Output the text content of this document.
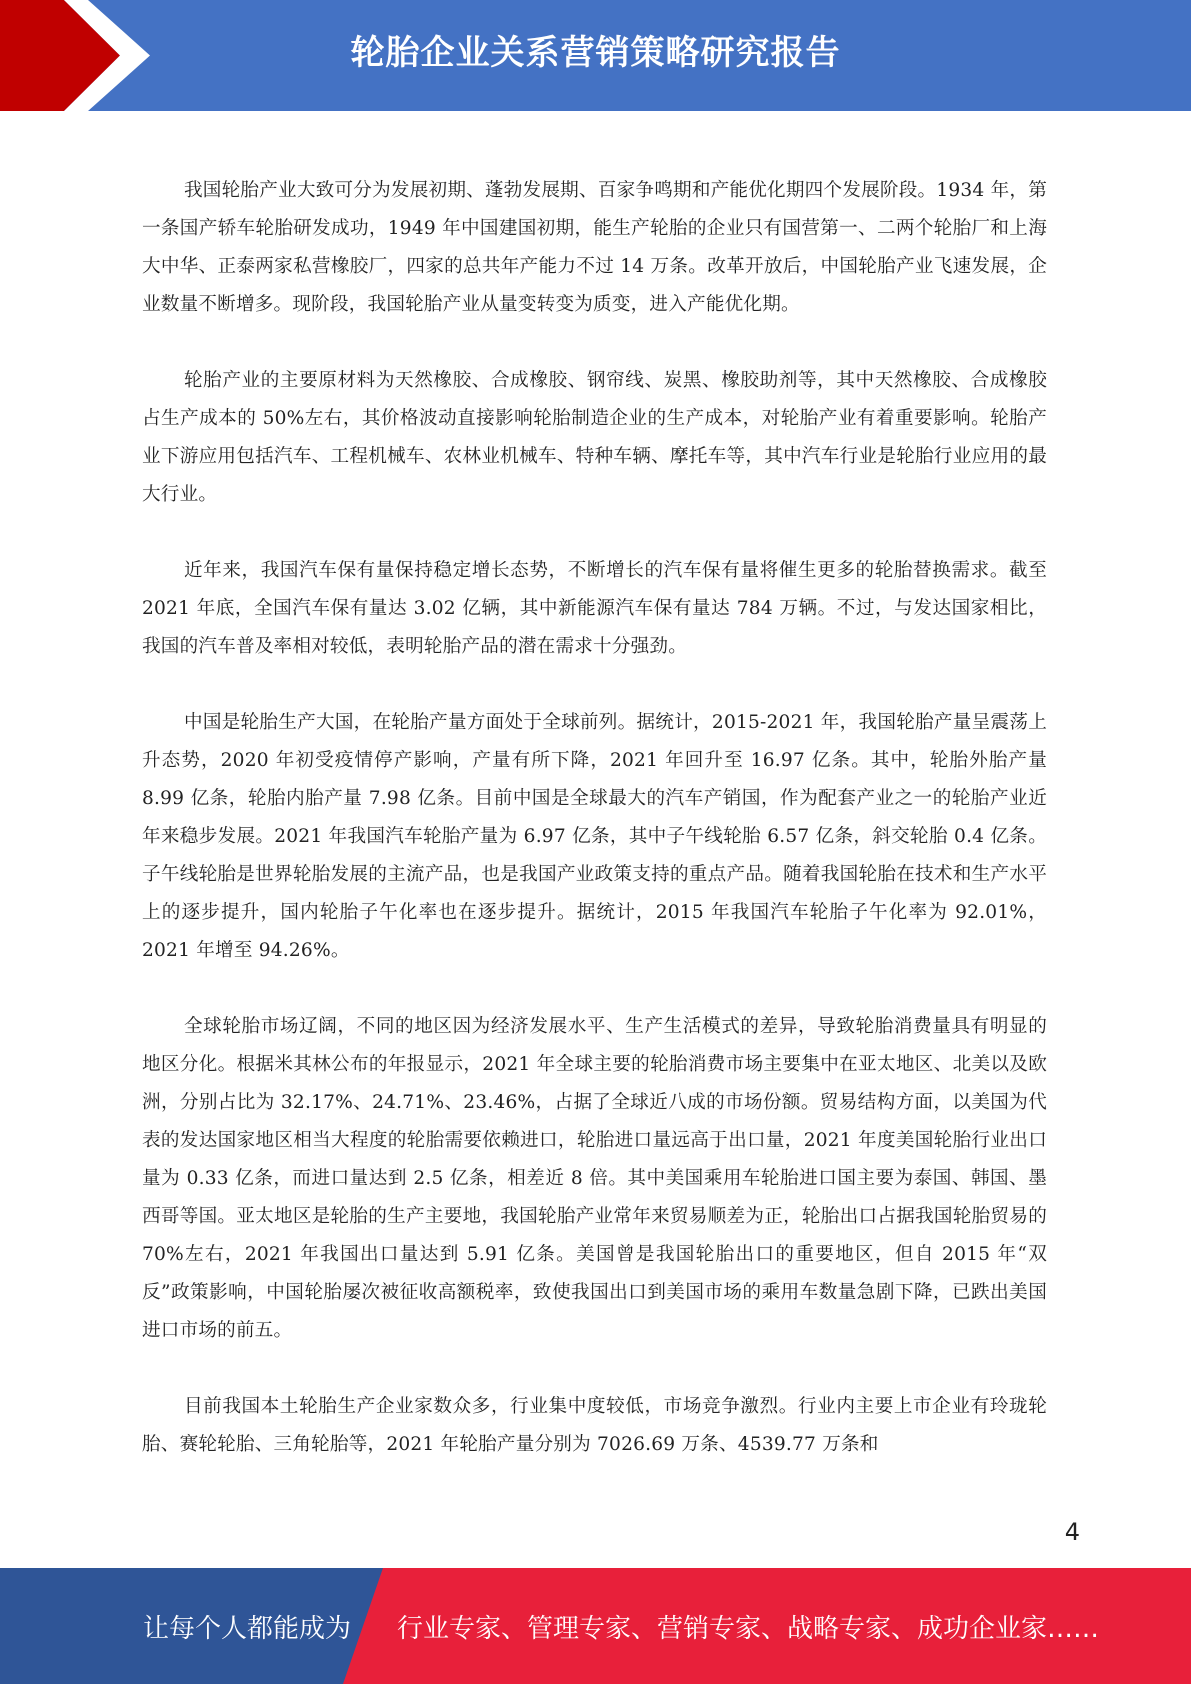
轮胎企业关系营销策略研究报告

我国轮胎产业大致可分为发展初期、蓬勃发展期、百家争鸣期和产能优化期四个发展阶段。1934 年，第一条国产轿车轮胎研发成功，1949 年中国建国初期，能生产轮胎的企业只有国营第一、二两个轮胎厂和上海大中华、正泰两家私营橡胶厂，四家的总共年产能力不过 14 万条。改革开放后，中国轮胎产业飞速发展，企业数量不断增多。现阶段，我国轮胎产业从量变转变为质变，进入产能优化期。

轮胎产业的主要原材料为天然橡胶、合成橡胶、钢帘线、炭黑、橡胶助剂等，其中天然橡胶、合成橡胶占生产成本的 50%左右，其价格波动直接影响轮胎制造企业的生产成本，对轮胎产业有着重要影响。轮胎产业下游应用包括汽车、工程机械车、农林业机械车、特种车辆、摩托车等，其中汽车行业是轮胎行业应用的最大行业。

近年来，我国汽车保有量保持稳定增长态势，不断增长的汽车保有量将催生更多的轮胎替换需求。截至 2021 年底，全国汽车保有量达 3.02 亿辆，其中新能源汽车保有量达 784 万辆。不过，与发达国家相比，我国的汽车普及率相对较低，表明轮胎产品的潜在需求十分强劲。

中国是轮胎生产大国，在轮胎产量方面处于全球前列。据统计，2015-2021 年，我国轮胎产量呈震荡上升态势，2020 年初受疫情停产影响，产量有所下降，2021 年回升至 16.97 亿条。其中，轮胎外胎产量 8.99 亿条，轮胎内胎产量 7.98 亿条。目前中国是全球最大的汽车产销国，作为配套产业之一的轮胎产业近年来稳步发展。2021 年我国汽车轮胎产量为 6.97 亿条，其中子午线轮胎 6.57 亿条，斜交轮胎 0.4 亿条。子午线轮胎是世界轮胎发展的主流产品，也是我国产业政策支持的重点产品。随着我国轮胎在技术和生产水平上的逐步提升，国内轮胎子午化率也在逐步提升。据统计，2015 年我国汽车轮胎子午化率为 92.01%，2021 年增至 94.26%。

全球轮胎市场辽阔，不同的地区因为经济发展水平、生产生活模式的差异，导致轮胎消费量具有明显的地区分化。根据米其林公布的年报显示，2021 年全球主要的轮胎消费市场主要集中在亚太地区、北美以及欧洲，分别占比为 32.17%、24.71%、23.46%，占据了全球近八成的市场份额。贸易结构方面，以美国为代表的发达国家地区相当大程度的轮胎需要依赖进口，轮胎进口量远高于出口量，2021 年度美国轮胎行业出口量为 0.33 亿条，而进口量达到 2.5 亿条，相差近 8 倍。其中美国乘用车轮胎进口国主要为泰国、韩国、墨西哥等国。亚太地区是轮胎的生产主要地，我国轮胎产业常年来贸易顺差为正，轮胎出口占据我国轮胎贸易的 70%左右，2021 年我国出口量达到 5.91 亿条。美国曾是我国轮胎出口的重要地区，但自 2015 年“双反”政策影响，中国轮胎屡次被征收高额税率，致使我国出口到美国市场的乘用车数量急剧下降，已跌出美国进口市场的前五。

目前我国本土轮胎生产企业家数众多，行业集中度较低，市场竞争激烈。行业内主要上市企业有玲珑轮胎、赛轮轮胎、三角轮胎等，2021 年轮胎产量分别为 7026.69 万条、4539.77 万条和

4
让每个人都能成为 行业专家、管理专家、营销专家、战略专家、成功企业家……
